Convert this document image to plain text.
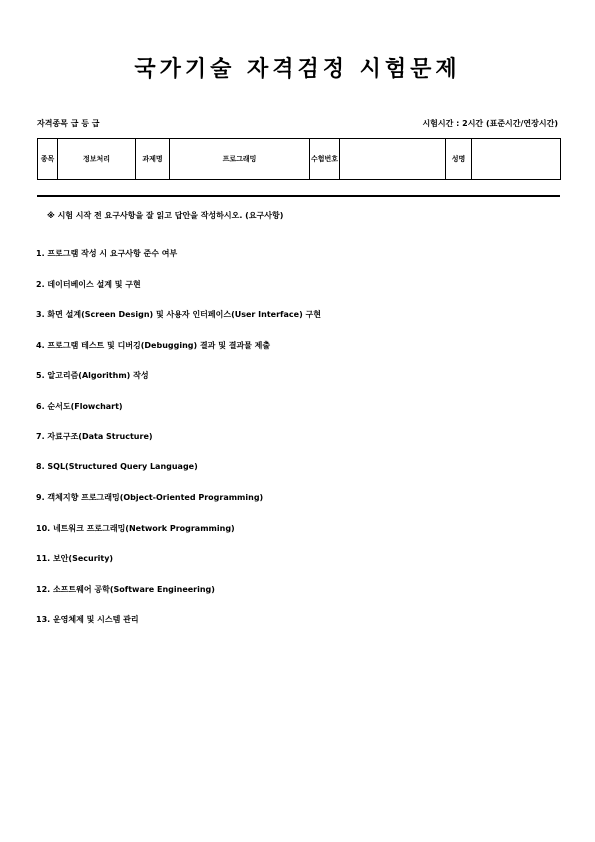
국가기술 자격검정 시험문제
자격종목 급 등 급	시험시간 : 2시간 (표준시간/연장시간)
종목	정보처리	과제명	프로그래밍	수험번호		성명	
※ 시험 시작 전 요구사항을 잘 읽고 답안을 작성하시오. (요구사항)
1. 프로그램 작성 시 요구사항 준수 여부
2. 데이터베이스 설계 및 구현
3. 화면 설계(Screen Design) 및 사용자 인터페이스(User Interface) 구현
4. 프로그램 테스트 및 디버깅(Debugging) 결과 및 결과물 제출
5. 알고리즘(Algorithm) 작성
6. 순서도(Flowchart)
7. 자료구조(Data Structure)
8. SQL(Structured Query Language)
9. 객체지향 프로그래밍(Object-Oriented Programming)
10. 네트워크 프로그래밍(Network Programming)
11. 보안(Security)
12. 소프트웨어 공학(Software Engineering)
13. 운영체제 및 시스템 관리
